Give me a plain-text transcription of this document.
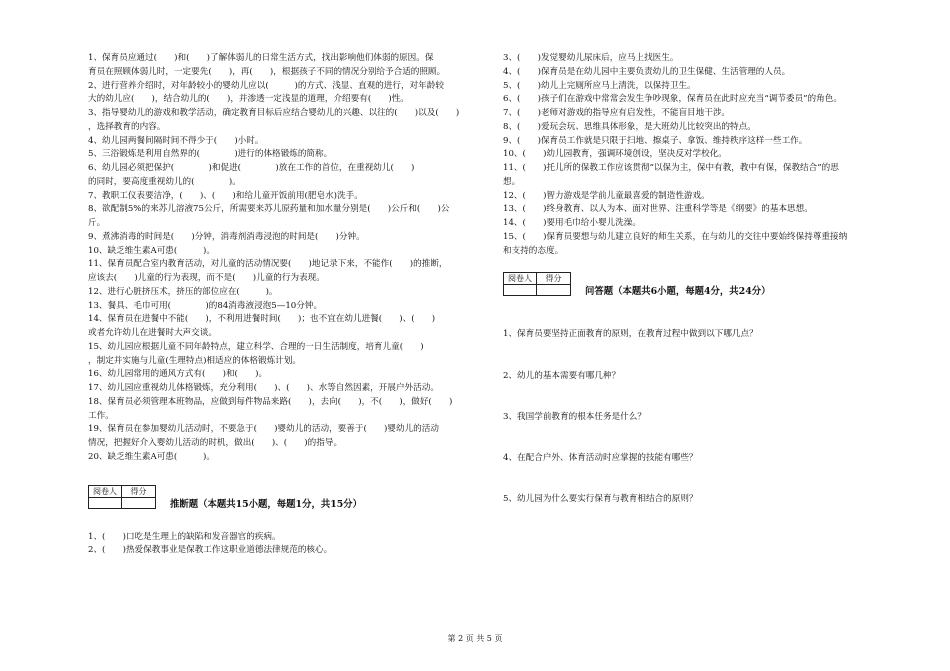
1、保育员应通过(　　)和(　　)了解体弱儿的日常生活方式，找出影响他们体弱的原因。保
育员在照顾体弱儿时，一定要先(　　)，再(　　)，根据孩子不同的情况分别给予合适的照顾。
2、进行营养介绍时，对年龄较小的婴幼儿应以(　　　)的方式、浅显、直观的进行，对年龄较
大的幼儿应(　　)，结合幼儿的(　　)，并渗透一定浅显的道理，介绍要有(　　)性。
3、指导婴幼儿的游戏和教学活动，确定教育目标后应结合婴幼儿的兴趣、以往的(　　)以及(　　)
，选择教育的内容。
4、幼儿园两餐间隔时间不得少于(　　)小时。
5、三浴锻炼是利用自然界的(　　　　)进行的体格锻炼的简称。
6、幼儿园必须把保护(　　　　)和促进(　　　　)放在工作的首位，在重视幼儿(　　)
的同时，要高度重视幼儿的(　　　　)。
7、教职工仪表要洁净，(　　)、(　　)和给儿童开饭前用(肥皂水)洗手。
8、欲配制5%的来苏儿溶液75公斤，所需要来苏儿原药量和加水量分别是(　　)公斤和(　　)公
斤。
9、煮沸消毒的时间是(　　)分钟，消毒剂消毒浸泡的时间是(　　)分钟。
10、缺乏维生素A可患(　　　)。
11、保育员配合室内教育活动，对儿童的活动情况要(　　)地记录下来，不能作(　　)的推断，
应该去(　　)儿童的行为表现，而不是(　　)儿童的行为表现。
12、进行心脏挤压术，挤压的部位应在(　　　)。
13、餐具、毛巾可用(　　　　)的84消毒液浸泡5—10分钟。
14、保育员在进餐中不能(　　)，不利用进餐时间(　　)；也不宜在幼儿进餐(　　)、(　　)
或者允许幼儿在进餐时大声交谈。
15、幼儿园应根据儿童不同年龄特点，建立科学、合理的一日生活制度，培育儿童(　　)
，制定并实施与儿童(生理特点)相适应的体格锻炼计划。
16、幼儿园常用的通风方式有(　　)和(　　)。
17、幼儿园应重视幼儿体格锻炼，充分利用(　　)、(　　)、水等自然因素，开展户外活动。
18、保育员必须管理本班物品，应做到每件物品来路(　　)，去向(　　)，不(　　)，做好(　　)
工作。
19、保育员在参加婴幼儿活动时，不要急于(　　)婴幼儿的活动，要善于(　　)婴幼儿的活动
情况，把握好介入婴幼儿活动的时机，做出(　　)、(　　)的指导。
20、缺乏维生素A可患(　　　)。
阅卷人	得分
推断题（本题共15小题，每题1分，共15分）
1、(　　)口吃是生理上的缺陷和发音器官的疾病。
2、(　　)热爱保教事业是保教工作这职业道德法律规范的核心。
3、(　　)发觉婴幼儿尿床后，应马上找医生。
4、(　　)保育员是在幼儿园中主要负责幼儿的卫生保健、生活管理的人员。
5、(　　)幼儿上完厕所应马上清洗，以保持卫生。
6、(　　)孩子们在游戏中常常会发生争吵现象，保育员在此时应充当“调节委员”的角色。
7、(　　)老师对游戏的指导应有启发性，不能盲目地干涉。
8、(　　)爱玩会玩、思维具体形象，是大班幼儿比较突出的特点。
9、(　　)保育员工作就是只限于扫地、擦桌子、拿饭、维持秩序这样一些工作。
10、(　　)幼儿园教育，强调环境创设，坚决反对学校化。
11、(　　)托儿所的保教工作应该贯彻“以保为主，保中有教，教中有保，保教结合”的思
想。
12、(　　)智力游戏是学前儿童最喜爱的制造性游戏。
13、(　　)终身教育、以人为本、面对世界、注重科学等是《纲要》的基本思想。
14、(　　)要用毛巾给小婴儿洗澡。
15、(　　)保育员要想与幼儿建立良好的师生关系，在与幼儿的交往中要始终保持尊重接纳
和支持的态度。
阅卷人	得分
问答题（本题共6小题，每题4分，共24分）
1、保育员要坚持正面教育的原则，在教育过程中做到以下哪几点？
2、幼儿的基本需要有哪几种？
3、我国学前教育的根本任务是什么？
4、在配合户外、体育活动时应掌握的技能有哪些？
5、幼儿园为什么要实行保育与教育相结合的原则？
第 2 页 共 5 页
